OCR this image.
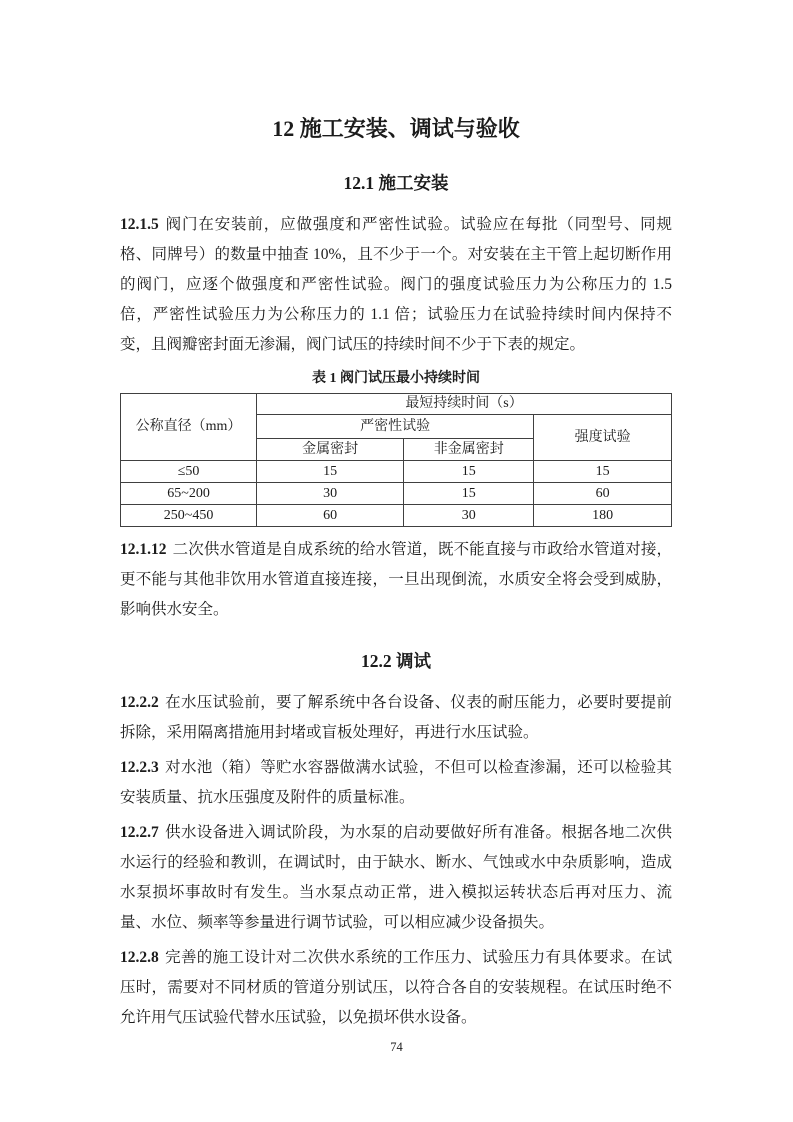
12 施工安装、调试与验收
12.1 施工安装

12.1.5 阀门在安装前，应做强度和严密性试验。试验应在每批（同型号、同规格、同牌号）的数量中抽查 10%，且不少于一个。对安装在主干管上起切断作用的阀门，应逐个做强度和严密性试验。阀门的强度试验压力为公称压力的 1.5 倍，严密性试验压力为公称压力的 1.1 倍；试验压力在试验持续时间内保持不变，且阀瓣密封面无渗漏，阀门试压的持续时间不少于下表的规定。

表 1 阀门试压最小持续时间
公称直径（mm）	最短持续时间（s）		
	严密性试验		强度试验
	金属密封	非金属密封	
≤50	15	15	15
65~200	30	15	60
250~450	60	30	180

12.1.12 二次供水管道是自成系统的给水管道，既不能直接与市政给水管道对接，更不能与其他非饮用水管道直接连接，一旦出现倒流，水质安全将会受到威胁，影响供水安全。

12.2 调试

12.2.2 在水压试验前，要了解系统中各台设备、仪表的耐压能力，必要时要提前拆除，采用隔离措施用封堵或盲板处理好，再进行水压试验。

12.2.3 对水池（箱）等贮水容器做满水试验，不但可以检查渗漏，还可以检验其安装质量、抗水压强度及附件的质量标准。

12.2.7 供水设备进入调试阶段，为水泵的启动要做好所有准备。根据各地二次供水运行的经验和教训，在调试时，由于缺水、断水、气蚀或水中杂质影响，造成水泵损坏事故时有发生。当水泵点动正常，进入模拟运转状态后再对压力、流量、水位、频率等参量进行调节试验，可以相应减少设备损失。

12.2.8 完善的施工设计对二次供水系统的工作压力、试验压力有具体要求。在试压时，需要对不同材质的管道分别试压，以符合各自的安装规程。在试压时绝不允许用气压试验代替水压试验，以免损坏供水设备。

74
